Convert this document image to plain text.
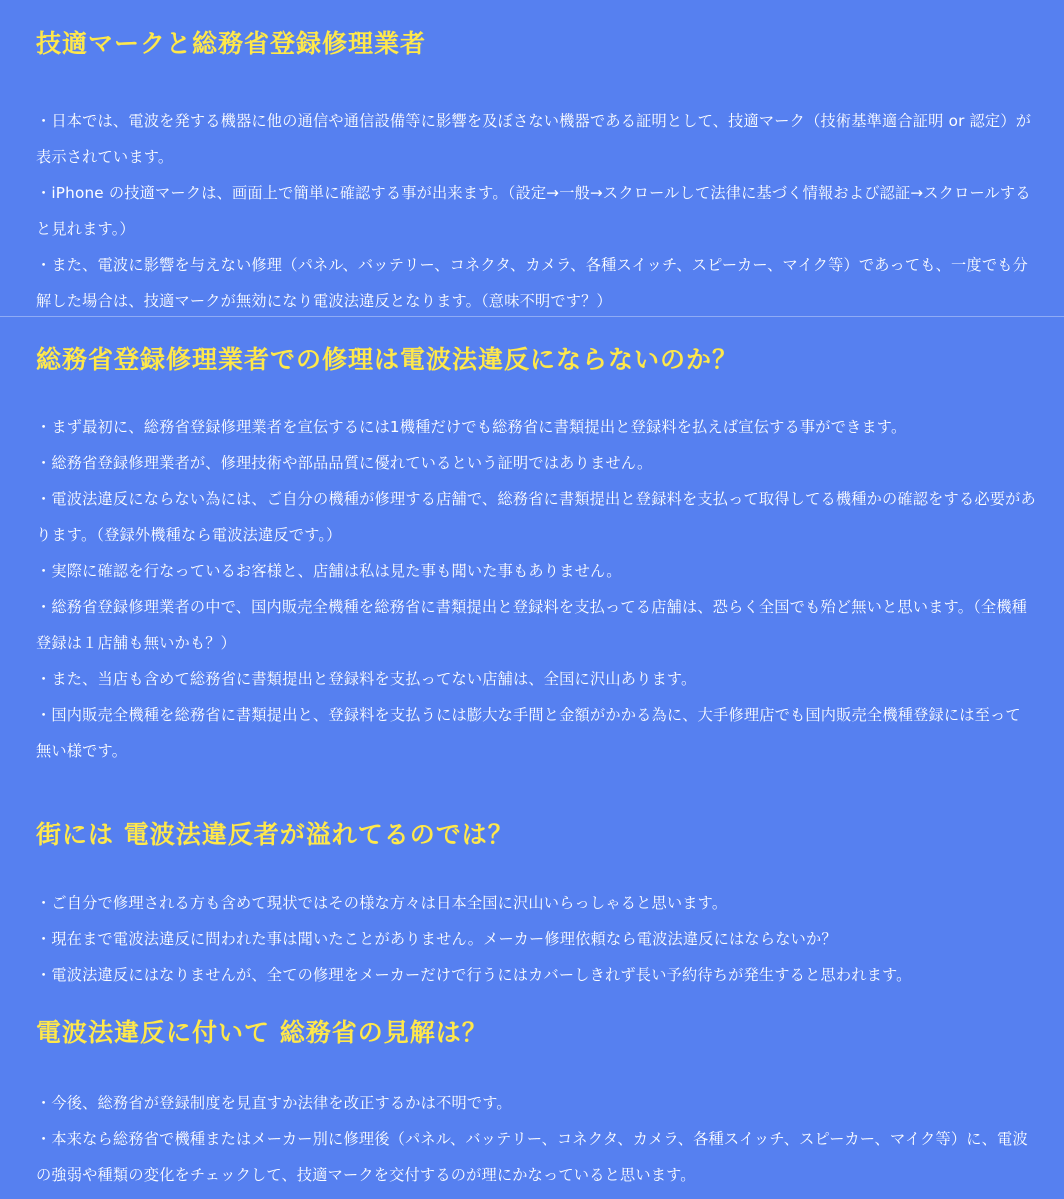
技適マークと総務省登録修理業者

・日本では、電波を発する機器に他の通信や通信設備等に影響を及ぼさない機器である証明として、技適マーク（技術基準適合証明 or 認定）が表示されています。

・iPhone の技適マークは、画面上で簡単に確認する事が出来ます。（設定→一般→スクロールして法律に基づく情報および認証→スクロールすると見れます。）

・また、電波に影響を与えない修理（パネル、バッテリー、コネクタ、カメラ、各種スイッチ、スピーカー、マイク等）であっても、一度でも分解した場合は、技適マークが無効になり電波法違反となります。（意味不明です？）

総務省登録修理業者での修理は電波法違反にならないのか？

・まず最初に、総務省登録修理業者を宣伝するには1機種だけでも総務省に書類提出と登録料を払えば宣伝する事ができます。

・総務省登録修理業者が、修理技術や部品品質に優れているという証明ではありません。

・電波法違反にならない為には、ご自分の機種が修理する店舗で、総務省に書類提出と登録料を支払って取得してる機種かの確認をする必要があります。（登録外機種なら電波法違反です。）

・実際に確認を行なっているお客様と、店舗は私は見た事も聞いた事もありません。

・総務省登録修理業者の中で、国内販売全機種を総務省に書類提出と登録料を支払ってる店舗は、恐らく全国でも殆ど無いと思います。（全機種登録は１店舗も無いかも？）

・また、当店も含めて総務省に書類提出と登録料を支払ってない店舗は、全国に沢山あります。

・国内販売全機種を総務省に書類提出と、登録料を支払うには膨大な手間と金額がかかる為に、大手修理店でも国内販売全機種登録には至って無い様です。

街には 電波法違反者が溢れてるのでは？

・ご自分で修理される方も含めて現状ではその様な方々は日本全国に沢山いらっしゃると思います。

・現在まで電波法違反に問われた事は聞いたことがありません。メーカー修理依頼なら電波法違反にはならないか？

・電波法違反にはなりませんが、全ての修理をメーカーだけで行うにはカバーしきれず長い予約待ちが発生すると思われます。

電波法違反に付いて 総務省の見解は？

・今後、総務省が登録制度を見直すか法律を改正するかは不明です。

・本来なら総務省で機種またはメーカー別に修理後（パネル、バッテリー、コネクタ、カメラ、各種スイッチ、スピーカー、マイク等）に、電波の強弱や種類の変化をチェックして、技適マークを交付するのが理にかなっていると思います。
